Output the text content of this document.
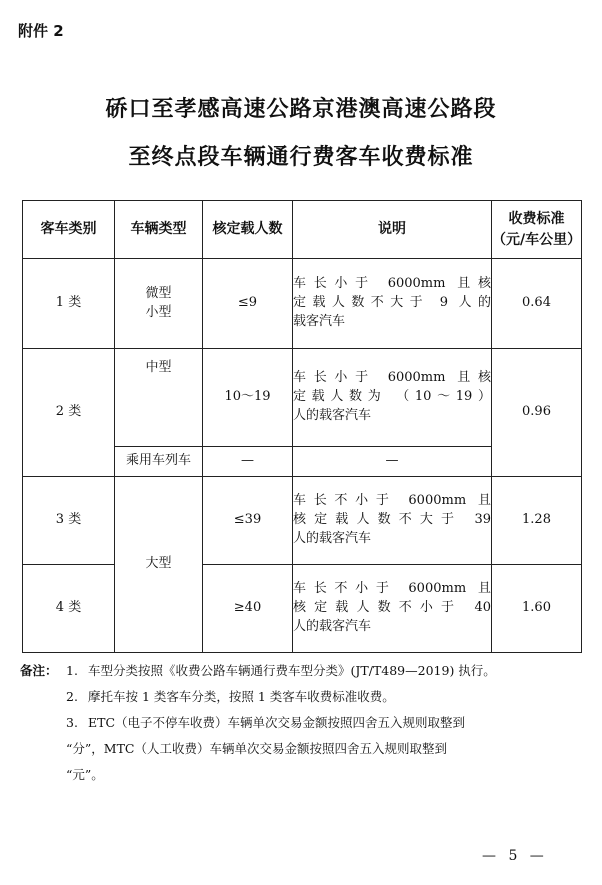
附件 2
硚口至孝感高速公路京港澳高速公路段
至终点段车辆通行费客车收费标准
客车类别	车辆类型	核定载人数	说明	收费标准
（元/车公里）

1 类	微型
小型	≤9	车长小于 6000mm 且核
定载人数不大于 9 人的
载客汽车	0.64
2 类	中型	10～19	车长小于 6000mm 且核
定载人数为 （10～19）
人的载客汽车	0.96
	乘用车列车	—	—	
3 类	大型	≤39	车长不小于 6000mm 且
核定载人数不大于 39
人的载客汽车	1.28
4 类		≥40	车长不小于 6000mm 且
核定载人数不小于 40
人的载客汽车	1.60
备注： 1. 车型分类按照《收费公路车辆通行费车型分类》(JT/T489—2019) 执行。
2. 摩托车按 1 类客车分类，按照 1 类客车收费标准收费。
3. ETC（电子不停车收费）车辆单次交易金额按照四舍五入规则取整到
“分”，MTC（人工收费）车辆单次交易金额按照四舍五入规则取整到
“元”。
— 5 —
